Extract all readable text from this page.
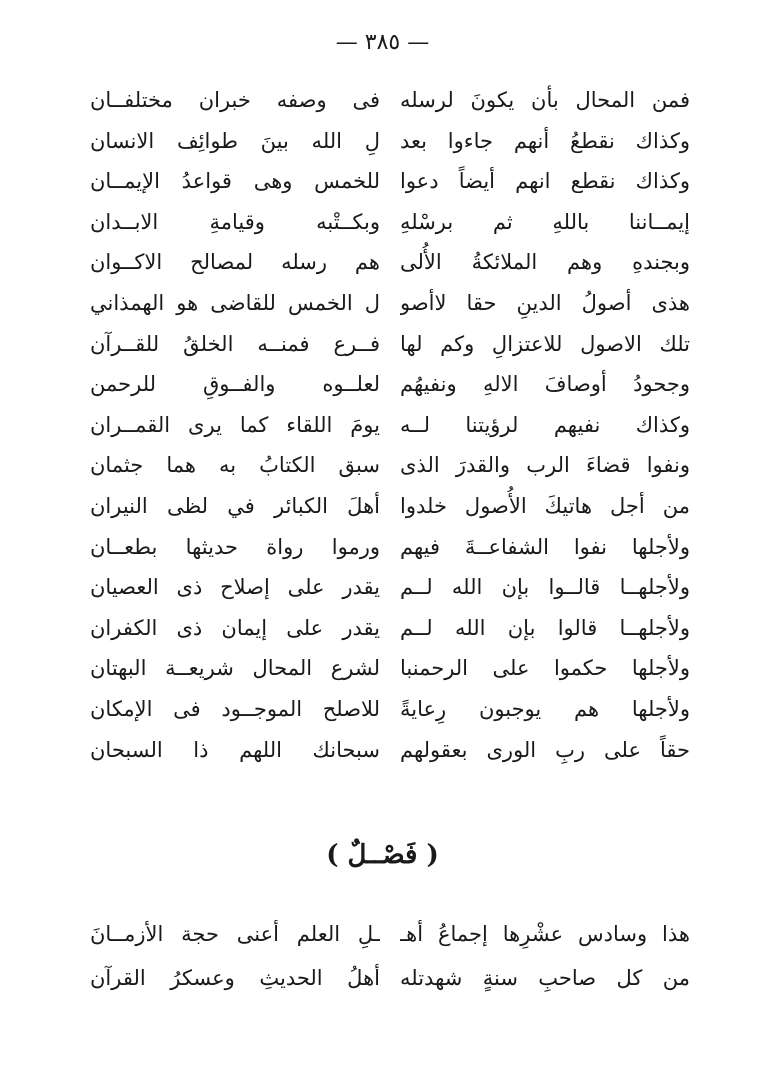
— ٣٨٥ —
فمن المحال بأن يكونَ لرسله
فى وصفه خبران مختلفــان
وكذاك نقطعُ أنهم جاءوا بعد
لِ الله بينَ طوائِف الانسان
وكذاك نقطع انهم أيضاً دعوا
للخمس وهى قواعدُ الإيمــان
إيمــاننا باللهِ ثم برسْلهِ
وبكــتْبه وقيامةِ الابــدان
وبجندهِ وهم الملائكةُ الأُلى
هم رسله لمصالح الاكــوان
هذى أصولُ الدينِ حقا لاأصو
ل الخمس للقاضى هو الهمذاني
تلك الاصول للاعتزالِ وكم لها
فــرع فمنــه الخلقُ للقــرآن
وجحودُ أوصافَ الالهِ ونفيهُم
لعلــوه والفــوقِ للرحمن
وكذاك نفيهم لرؤيتنا لــه
يومَ اللقاء كما يرى القمــران
ونفوا قضاءَ الرب والقدرَ الذى
سبق الكتابُ به هما جثمان
من أجل هاتيكَ الأُصول خلدوا
أهلَ الكبائر في لظى النيران
ولأجلها نفوا الشفاعــةَ فيهم
ورموا رواة حديثها بطعــان
ولأجلهــا قالــوا بإن الله لــم
يقدر على إصلاح ذى العصيان
ولأجلهــا قالوا بإن الله لــم
يقدر على إيمان ذى الكفران
ولأجلها حكموا على الرحمنبا
لشرع المحال شريعــة البهتان
ولأجلها هم يوجبون رِعايةً
للاصلح الموجــود فى الإمكان
حقاً على ربِ الورى بعقولهم
سبحانك اللهم ذا السبحان
( فَصْــلٌ )
هذا وسادس عشْرِها إجماعُ أهـ
ـلِ العلم أعنى حجة الأزمــانَ
من كل صاحبِ سنةٍ شهدتله
أهلُ الحديثِ وعسكرُ القرآن
